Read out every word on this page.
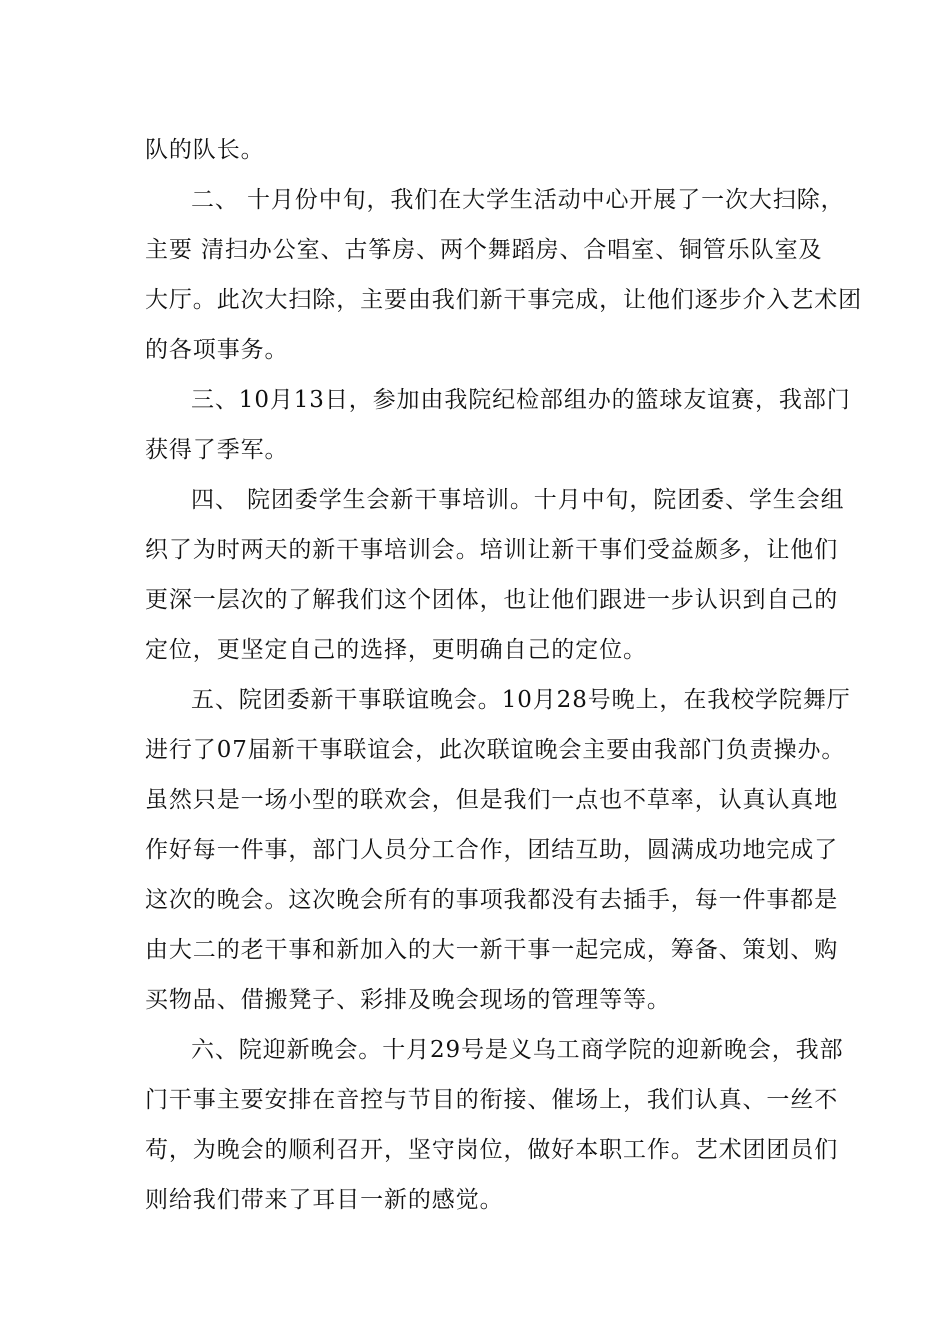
队的队长。
二、 十月份中旬，我们在大学生活动中心开展了一次大扫除，
主要 清扫办公室、古筝房、两个舞蹈房、合唱室、铜管乐队室及
大厅。此次大扫除，主要由我们新干事完成，让他们逐步介入艺术团
的各项事务。
三、10月13日，参加由我院纪检部组办的篮球友谊赛，我部门
获得了季军。
四、 院团委学生会新干事培训。十月中旬，院团委、学生会组
织了为时两天的新干事培训会。培训让新干事们受益颇多，让他们
更深一层次的了解我们这个团体，也让他们跟进一步认识到自己的
定位，更坚定自己的选择，更明确自己的定位。
五、院团委新干事联谊晚会。10月28号晚上，在我校学院舞厅
进行了07届新干事联谊会，此次联谊晚会主要由我部门负责操办。
虽然只是一场小型的联欢会，但是我们一点也不草率，认真认真地
作好每一件事，部门人员分工合作，团结互助，圆满成功地完成了
这次的晚会。这次晚会所有的事项我都没有去插手，每一件事都是
由大二的老干事和新加入的大一新干事一起完成，筹备、策划、购
买物品、借搬凳子、彩排及晚会现场的管理等等。
六、院迎新晚会。十月29号是义乌工商学院的迎新晚会，我部
门干事主要安排在音控与节目的衔接、催场上，我们认真、一丝不
苟，为晚会的顺利召开，坚守岗位，做好本职工作。艺术团团员们
则给我们带来了耳目一新的感觉。
